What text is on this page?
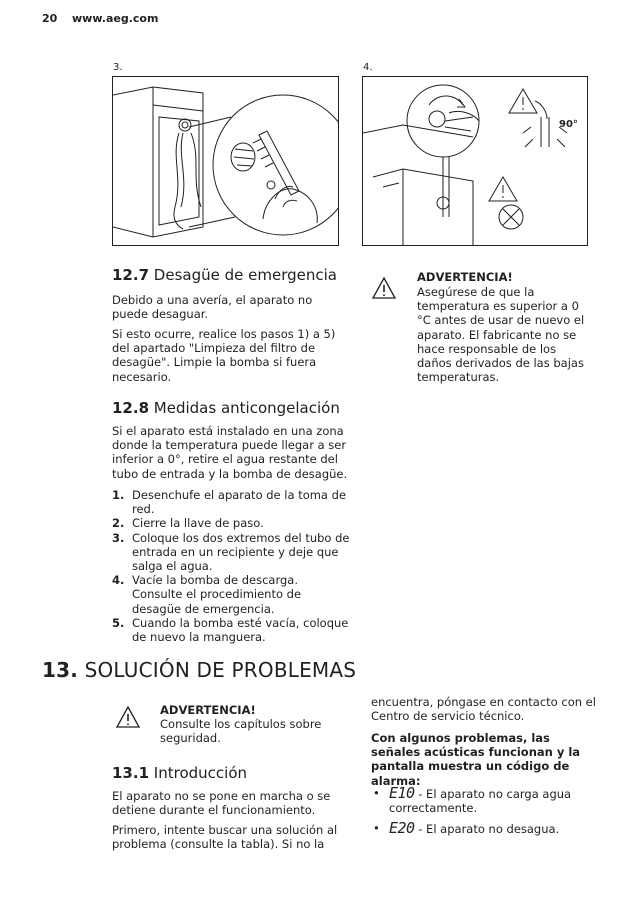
20 www.aeg.com
3.	4.
90°
12.7 Desagüe de emergencia

Debido a una avería, el aparato no puede desaguar.

Si esto ocurre, realice los pasos 1) a 5) del apartado "Limpieza del filtro de desagüe". Limpie la bomba si fuera necesario.

ADVERTENCIA!
Asegúrese de que la temperatura es superior a 0 °C antes de usar de nuevo el aparato. El fabricante no se hace responsable de los daños derivados de las bajas temperaturas.
12.8 Medidas anticongelación

Si el aparato está instalado en una zona donde la temperatura puede llegar a ser inferior a 0°, retire el agua restante del tubo de entrada y la bomba de desagüe.

1. Desenchufe el aparato de la toma de red.
2. Cierre la llave de paso.
3. Coloque los dos extremos del tubo de entrada en un recipiente y deje que salga el agua.
4. Vacíe la bomba de descarga. Consulte el procedimiento de desagüe de emergencia.
5. Cuando la bomba esté vacía, coloque de nuevo la manguera.
13. SOLUCIÓN DE PROBLEMAS
ADVERTENCIA!
Consulte los capítulos sobre seguridad.
13.1 Introducción

El aparato no se pone en marcha o se detiene durante el funcionamiento.

Primero, intente buscar una solución al problema (consulte la tabla). Si no la

encuentra, póngase en contacto con el Centro de servicio técnico.

Con algunos problemas, las señales acústicas funcionan y la pantalla muestra un código de alarma:

• E10 - El aparato no carga agua correctamente.
• E20 - El aparato no desagua.
